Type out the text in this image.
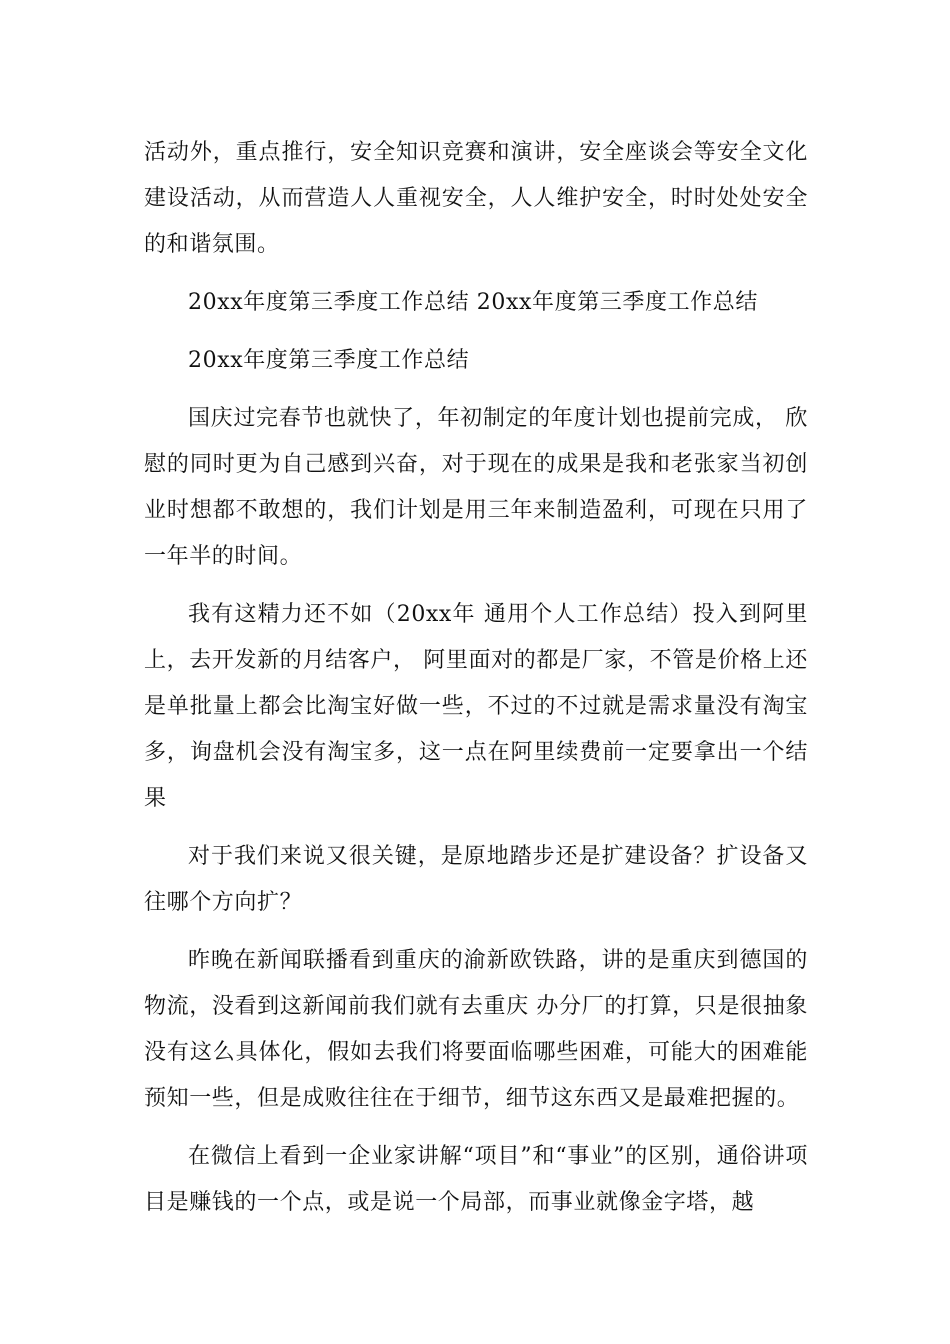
活动外，重点推行，安全知识竞赛和演讲，安全座谈会等安全文化建设活动，从而营造人人重视安全，人人维护安全，时时处处安全的和谐氛围。

20xx年度第三季度工作总结 20xx年度第三季度工作总结

20xx年度第三季度工作总结

国庆过完春节也就快了，年初制定的年度计划也提前完成， 欣慰的同时更为自己感到兴奋，对于现在的成果是我和老张家当初创业时想都不敢想的，我们计划是用三年来制造盈利，可现在只用了一年半的时间。

我有这精力还不如（20xx年 通用个人工作总结）投入到阿里上，去开发新的月结客户， 阿里面对的都是厂家，不管是价格上还是单批量上都会比淘宝好做一些，不过的不过就是需求量没有淘宝多，询盘机会没有淘宝多，这一点在阿里续费前一定要拿出一个结果

对于我们来说又很关键，是原地踏步还是扩建设备？扩设备又往哪个方向扩？

昨晚在新闻联播看到重庆的渝新欧铁路，讲的是重庆到德国的物流，没看到这新闻前我们就有去重庆 办分厂的打算，只是很抽象没有这么具体化，假如去我们将要面临哪些困难，可能大的困难能预知一些，但是成败往往在于细节，细节这东西又是最难把握的。

在微信上看到一企业家讲解“项目”和“事业”的区别，通俗讲项目是赚钱的一个点，或是说一个局部，而事业就像金字塔，越
